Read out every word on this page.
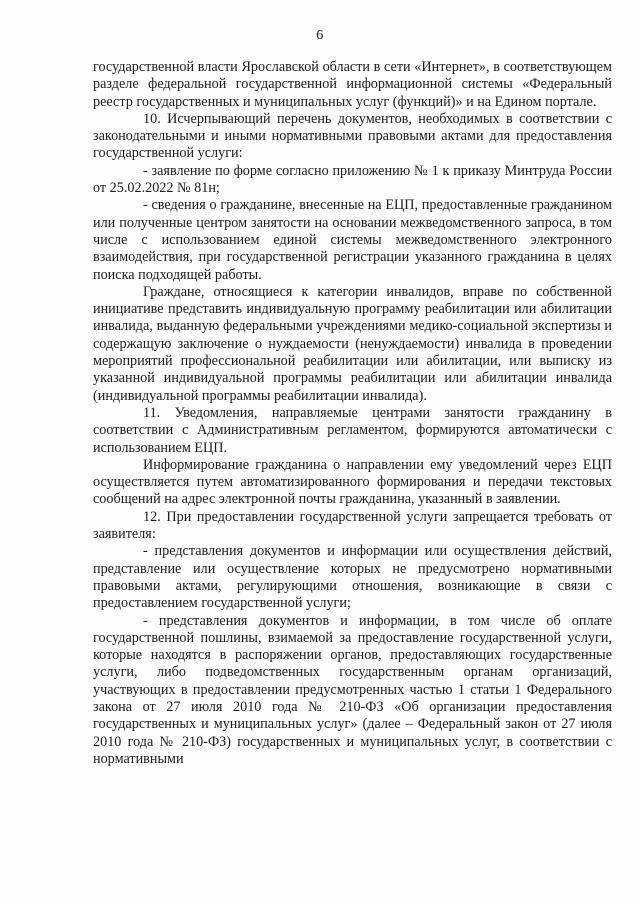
6

государственной власти Ярославской области в сети «Интернет», в соответствующем разделе федеральной государственной информационной системы «Федеральный реестр государственных и муниципальных услуг (функций)» и на Едином портале.

10. Исчерпывающий перечень документов, необходимых в соответствии с законодательными и иными нормативными правовыми актами для предоставления государственной услуги:

- заявление по форме согласно приложению № 1 к приказу Минтруда России от 25.02.2022 № 81н;

- сведения о гражданине, внесенные на ЕЦП, предоставленные гражданином или полученные центром занятости на основании межведомственного запроса, в том числе с использованием единой системы межведомственного электронного взаимодействия, при государственной регистрации указанного гражданина в целях поиска подходящей работы.

Граждане, относящиеся к категории инвалидов, вправе по собственной инициативе представить индивидуальную программу реабилитации или абилитации инвалида, выданную федеральными учреждениями медико-социальной экспертизы и содержащую заключение о нуждаемости (ненуждаемости) инвалида в проведении мероприятий профессиональной реабилитации или абилитации, или выписку из указанной индивидуальной программы реабилитации или абилитации инвалида (индивидуальной программы реабилитации инвалида).

11. Уведомления, направляемые центрами занятости гражданину в соответствии с Административным регламентом, формируются автоматически с использованием ЕЦП.

Информирование гражданина о направлении ему уведомлений через ЕЦП осуществляется путем автоматизированного формирования и передачи текстовых сообщений на адрес электронной почты гражданина, указанный в заявлении.

12. При предоставлении государственной услуги запрещается требовать от заявителя:

- представления документов и информации или осуществления действий, представление или осуществление которых не предусмотрено нормативными правовыми актами, регулирующими отношения, возникающие в связи с предоставлением государственной услуги;

- представления документов и информации, в том числе об оплате государственной пошлины, взимаемой за предоставление государственной услуги, которые находятся в распоряжении органов, предоставляющих государственные услуги, либо подведомственных государственным органам организаций, участвующих в предоставлении предусмотренных частью 1 статьи 1 Федерального закона от 27 июля 2010 года № 210-ФЗ «Об организации предоставления государственных и муниципальных услуг» (далее – Федеральный закон от 27 июля 2010 года № 210-ФЗ) государственных и муниципальных услуг, в соответствии с нормативными
